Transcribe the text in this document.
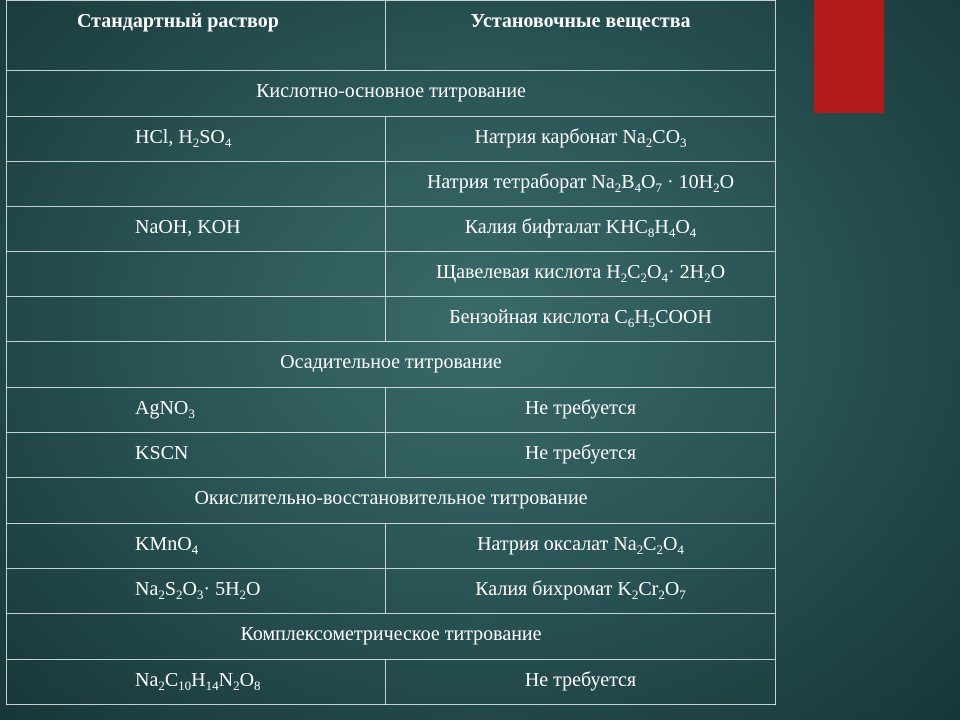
Стандартный раствор	Установочные вещества

Кислотно-основное титрование	

HCl, $H_2SO_4$	Натрия карбонат $Na_2CO_3$

	Натрия тетраборат $Na_2B_4O_7 \cdot 10H_2O$

NaOH, KOH	Калия бифталат $KHC_8H_4O_4$

	Щавелевая кислота $H_2C_2O_4\cdot 2H_2O$

	Бензойная кислота $C_6H_5COOH$

Осадительное титрование	

AgNO$_3$	Не требуется

KSCN	Не требуется

Окислительно-восстановительное титрование	

KMnO$_4$	Натрия оксалат $Na_2C_2O_4$

$Na_2S_2O_3\cdot 5H_2O$	Калия бихромат $K_2Cr_2O_7$

Комплексометрическое титрование	

$Na_2C_{10}H_{14}N_2O_8$	Не требуется
